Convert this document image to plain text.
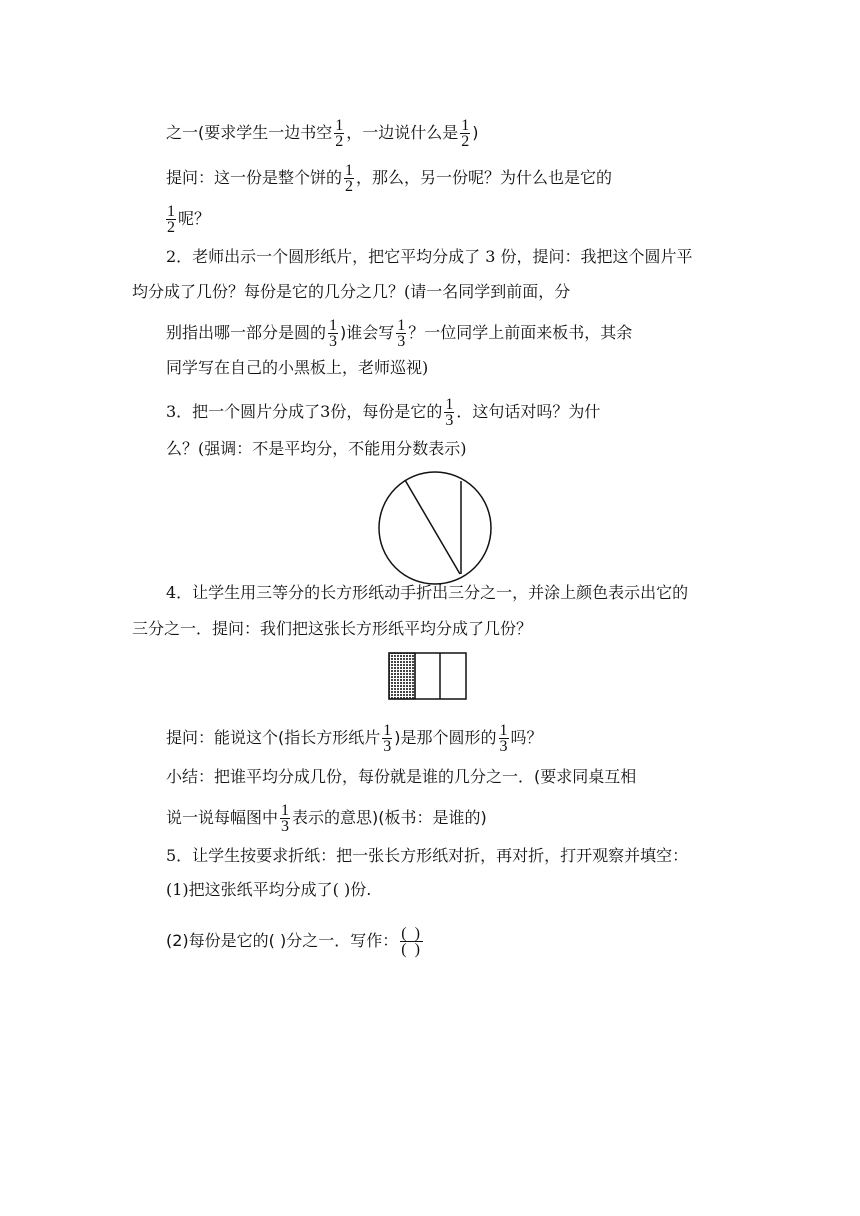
之一(要求学生一边书空 $\frac{1}{2}$ ，一边说什么是 $\frac{1}{2}$ )
提问：这一份是整个饼的 $\frac{1}{2}$ ，那么，另一份呢？为什么也是它的
$\frac{1}{2}$ 呢？
2．老师出示一个圆形纸片，把它平均分成了 3 份，提问：我把这个圆片平
均分成了几份？每份是它的几分之几？(请一名同学到前面，分
别指出哪一部分是圆的 $\frac{1}{3}$ )谁会写 $\frac{1}{3}$ ？一位同学上前面来板书，其余
同学写在自己的小黑板上，老师巡视)
3．把一个圆片分成了3份，每份是它的 $\frac{1}{3}$ ．这句话对吗？为什
么？(强调：不是平均分，不能用分数表示)
4．让学生用三等分的长方形纸动手折出三分之一，并涂上颜色表示出它的
三分之一．提问：我们把这张长方形纸平均分成了几份？
提问：能说这个(指长方形纸片 $\frac{1}{3}$ )是那个圆形的 $\frac{1}{3}$ 吗？
小结：把谁平均分成几份，每份就是谁的几分之一．(要求同桌互相
说一说每幅图中 $\frac{1}{3}$ 表示的意思)(板书：是谁的)
5．让学生按要求折纸：把一张长方形纸对折，再对折，打开观察并填空：
(1)把这张纸平均分成了( )份.
(2)每份是它的( )分之一．写作： $\frac{( )}{( )}$
